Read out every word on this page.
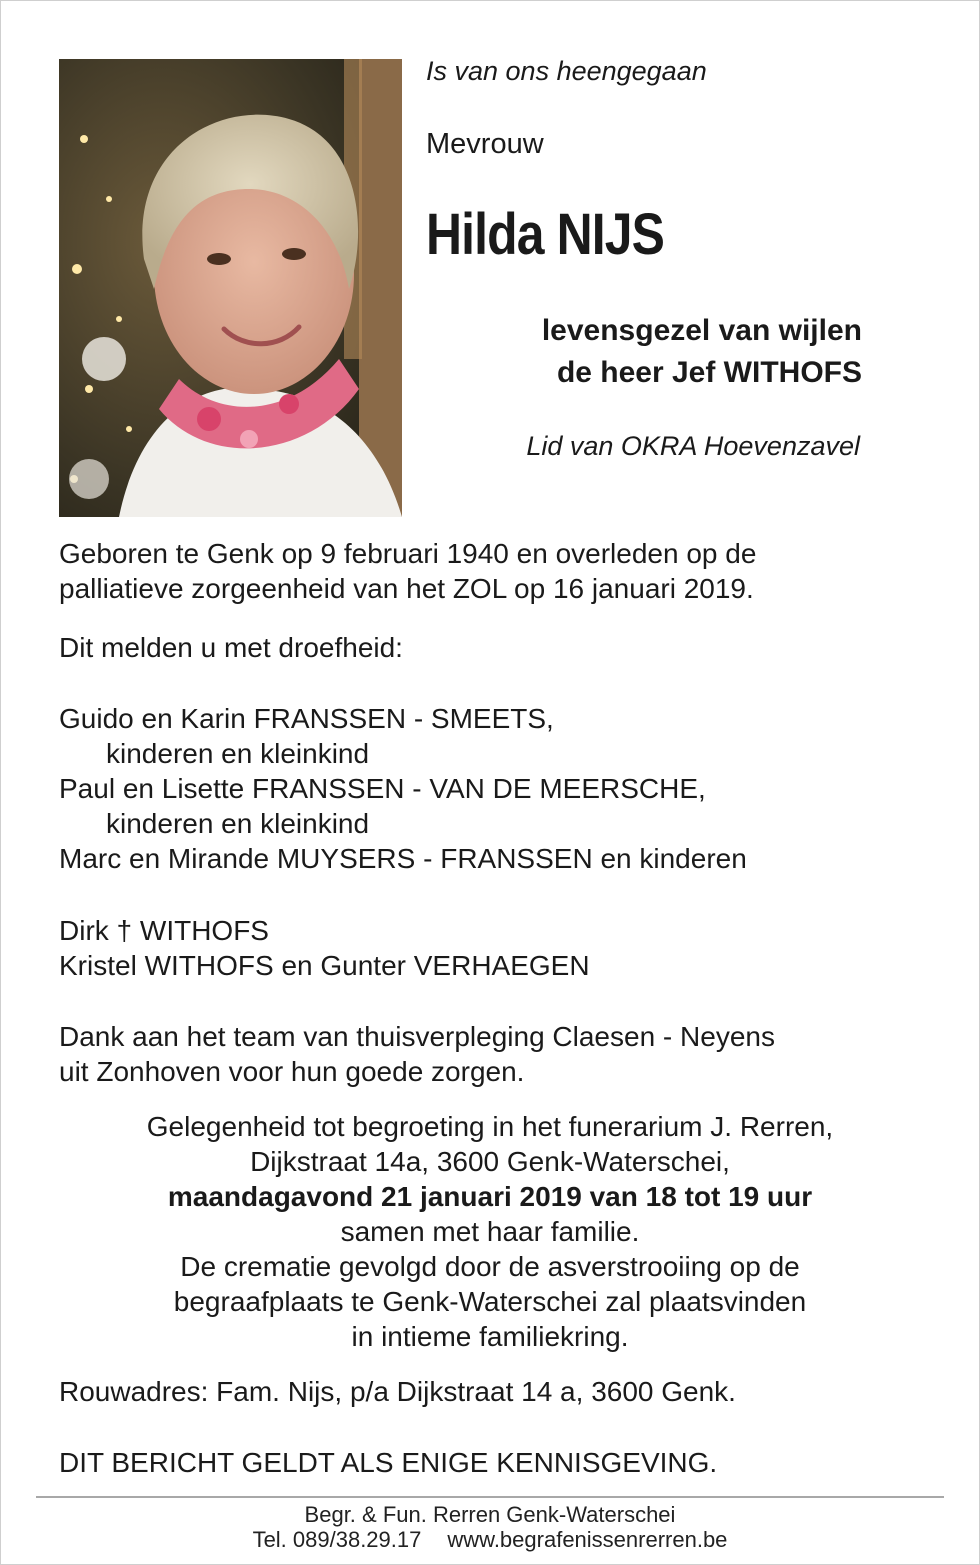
Is van ons heengegaan
Mevrouw
Hilda NIJS
levensgezel van wijlen
de heer Jef WITHOFS
Lid van OKRA Hoevenzavel
Geboren te Genk op 9 februari 1940 en overleden op de
palliatieve zorgeenheid van het ZOL op 16 januari 2019.
Dit melden u met droefheid:
Guido en Karin FRANSSEN - SMEETS,
kinderen en kleinkind
Paul en Lisette FRANSSEN - VAN DE MEERSCHE,
kinderen en kleinkind
Marc en Mirande MUYSERS - FRANSSEN en kinderen
Dirk † WITHOFS
Kristel WITHOFS en Gunter VERHAEGEN
Dank aan het team van thuisverpleging Claesen - Neyens
uit Zonhoven voor hun goede zorgen.
Gelegenheid tot begroeting in het funerarium J. Rerren,
Dijkstraat 14a, 3600 Genk-Waterschei,
maandagavond 21 januari 2019 van 18 tot 19 uur
samen met haar familie.
De crematie gevolgd door de asverstrooiing op de
begraafplaats te Genk-Waterschei zal plaatsvinden
in intieme familiekring.
Rouwadres: Fam. Nijs, p/a Dijkstraat 14 a, 3600 Genk.
DIT BERICHT GELDT ALS ENIGE KENNISGEVING.
Begr. & Fun. Rerren Genk-Waterschei
Tel. 089/38.29.17 www.begrafenissenrerren.be
